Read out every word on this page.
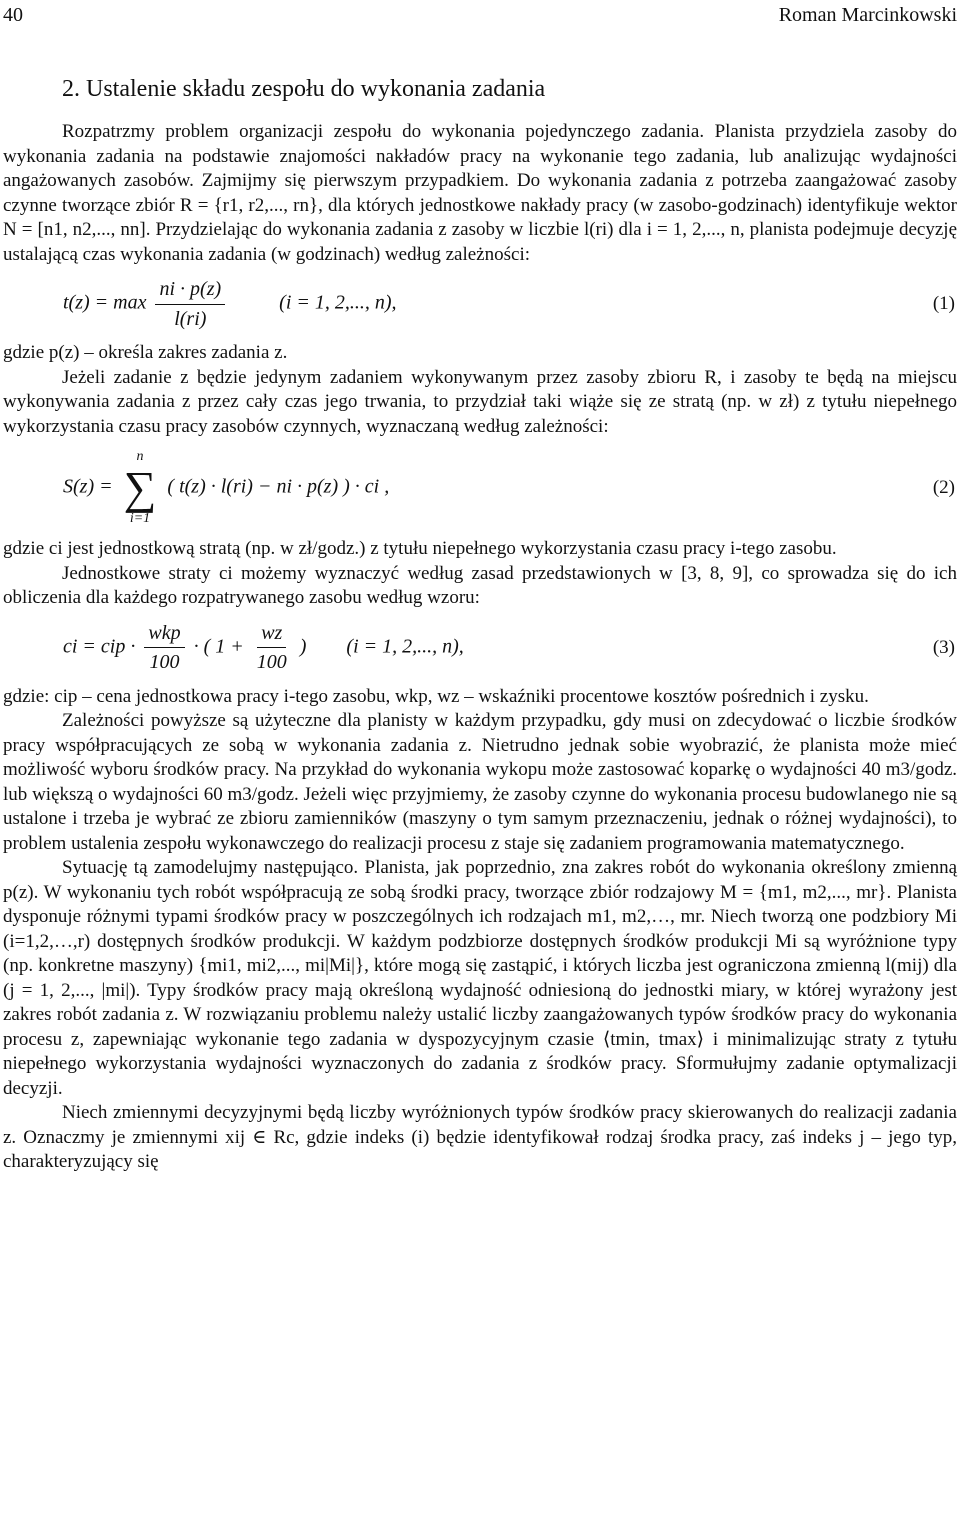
40	Roman Marcinkowski
2. Ustalenie składu zespołu do wykonania zadania

Rozpatrzmy problem organizacji zespołu do wykonania pojedynczego zadania. Planista przydziela zasoby do wykonania zadania na podstawie znajomości nakładów pracy na wykonanie tego zadania, lub analizując wydajności angażowanych zasobów. Zajmijmy się pierwszym przypadkiem. Do wykonania zadania z potrzeba zaangażować zasoby czynne tworzące zbiór R = {r1, r2,..., rn}, dla których jednostkowe nakłady pracy (w zasobo-godzinach) identyfikuje wektor N = [n1, n2,..., nn]. Przydzielając do wykonania zadania z zasoby w liczbie l(ri) dla i = 1, 2,..., n, planista podejmuje decyzję ustalającą czas wykonania zadania (w godzinach) według zależności:

$t(z) = \max \frac{ni \cdot p(z)}{l(ri)}$	(i = 1, 2,..., n),	(1)

gdzie p(z) – określa zakres zadania z.

Jeżeli zadanie z będzie jedynym zadaniem wykonywanym przez zasoby zbioru R, i zasoby te będą na miejscu wykonywania zadania z przez cały czas jego trwania, to przydział taki wiąże się ze stratą (np. w zł) z tytułu niepełnego wykorzystania czasu pracy zasobów czynnych, wyznaczaną według zależności:

S(z) =
n
∑
i=1
( t(z) · l(ri) − ni · p(z) ) · ci ,	(2)

gdzie ci jest jednostkową stratą (np. w zł/godz.) z tytułu niepełnego wykorzystania czasu pracy i-tego zasobu.

Jednostkowe straty ci możemy wyznaczyć według zasad przedstawionych w [3, 8, 9], co sprowadza się do ich obliczenia dla każdego rozpatrywanego zasobu według wzoru:

ci = cip · $\frac{\text{wkp}}{100}$ · ( $1 + \frac{wz}{100}$ ) (i = 1, 2,..., n),	(3)

gdzie: cip – cena jednostkowa pracy i-tego zasobu, wkp, wz – wskaźniki procentowe kosztów pośrednich i zysku.

Zależności powyższe są użyteczne dla planisty w każdym przypadku, gdy musi on zdecydować o liczbie środków pracy współpracujących ze sobą w wykonania zadania z. Nietrudno jednak sobie wyobrazić, że planista może mieć możliwość wyboru środków pracy. Na przykład do wykonania wykopu może zastosować koparkę o wydajności 40 m3/godz. lub większą o wydajności 60 m3/godz. Jeżeli więc przyjmiemy, że zasoby czynne do wykonania procesu budowlanego nie są ustalone i trzeba je wybrać ze zbioru zamienników (maszyny o tym samym przeznaczeniu, jednak o różnej wydajności), to problem ustalenia zespołu wykonawczego do realizacji procesu z staje się zadaniem programowania matematycznego.

Sytuację tą zamodelujmy następująco. Planista, jak poprzednio, zna zakres robót do wykonania określony zmienną p(z). W wykonaniu tych robót współpracują ze sobą środki pracy, tworzące zbiór rodzajowy M = {m1, m2,..., mr}. Planista dysponuje różnymi typami środków pracy w poszczególnych ich rodzajach m1, m2,…, mr. Niech tworzą one podzbiory Mi (i=1,2,…,r) dostępnych środków produkcji. W każdym podzbiorze dostępnych środków produkcji Mi są wyróżnione typy (np. konkretne maszyny) {mi1, mi2,..., mi|Mi|}, które mogą się zastąpić, i których liczba jest ograniczona zmienną l(mij) dla (j = 1, 2,..., |mi|). Typy środków pracy mają określoną wydajność odniesioną do jednostki miary, w której wyrażony jest zakres robót zadania z. W rozwiązaniu problemu należy ustalić liczby zaangażowanych typów środków pracy do wykonania procesu z, zapewniając wykonanie tego zadania w dyspozycyjnym czasie ⟨tmin, tmax⟩ i minimalizując straty z tytułu niepełnego wykorzystania wydajności wyznaczonych do zadania z środków pracy. Sformułujmy zadanie optymalizacji decyzji.

Niech zmiennymi decyzyjnymi będą liczby wyróżnionych typów środków pracy skierowanych do realizacji zadania z. Oznaczmy je zmiennymi xij ∈ Rc, gdzie indeks (i) będzie identyfikował rodzaj środka pracy, zaś indeks j – jego typ, charakteryzujący się
